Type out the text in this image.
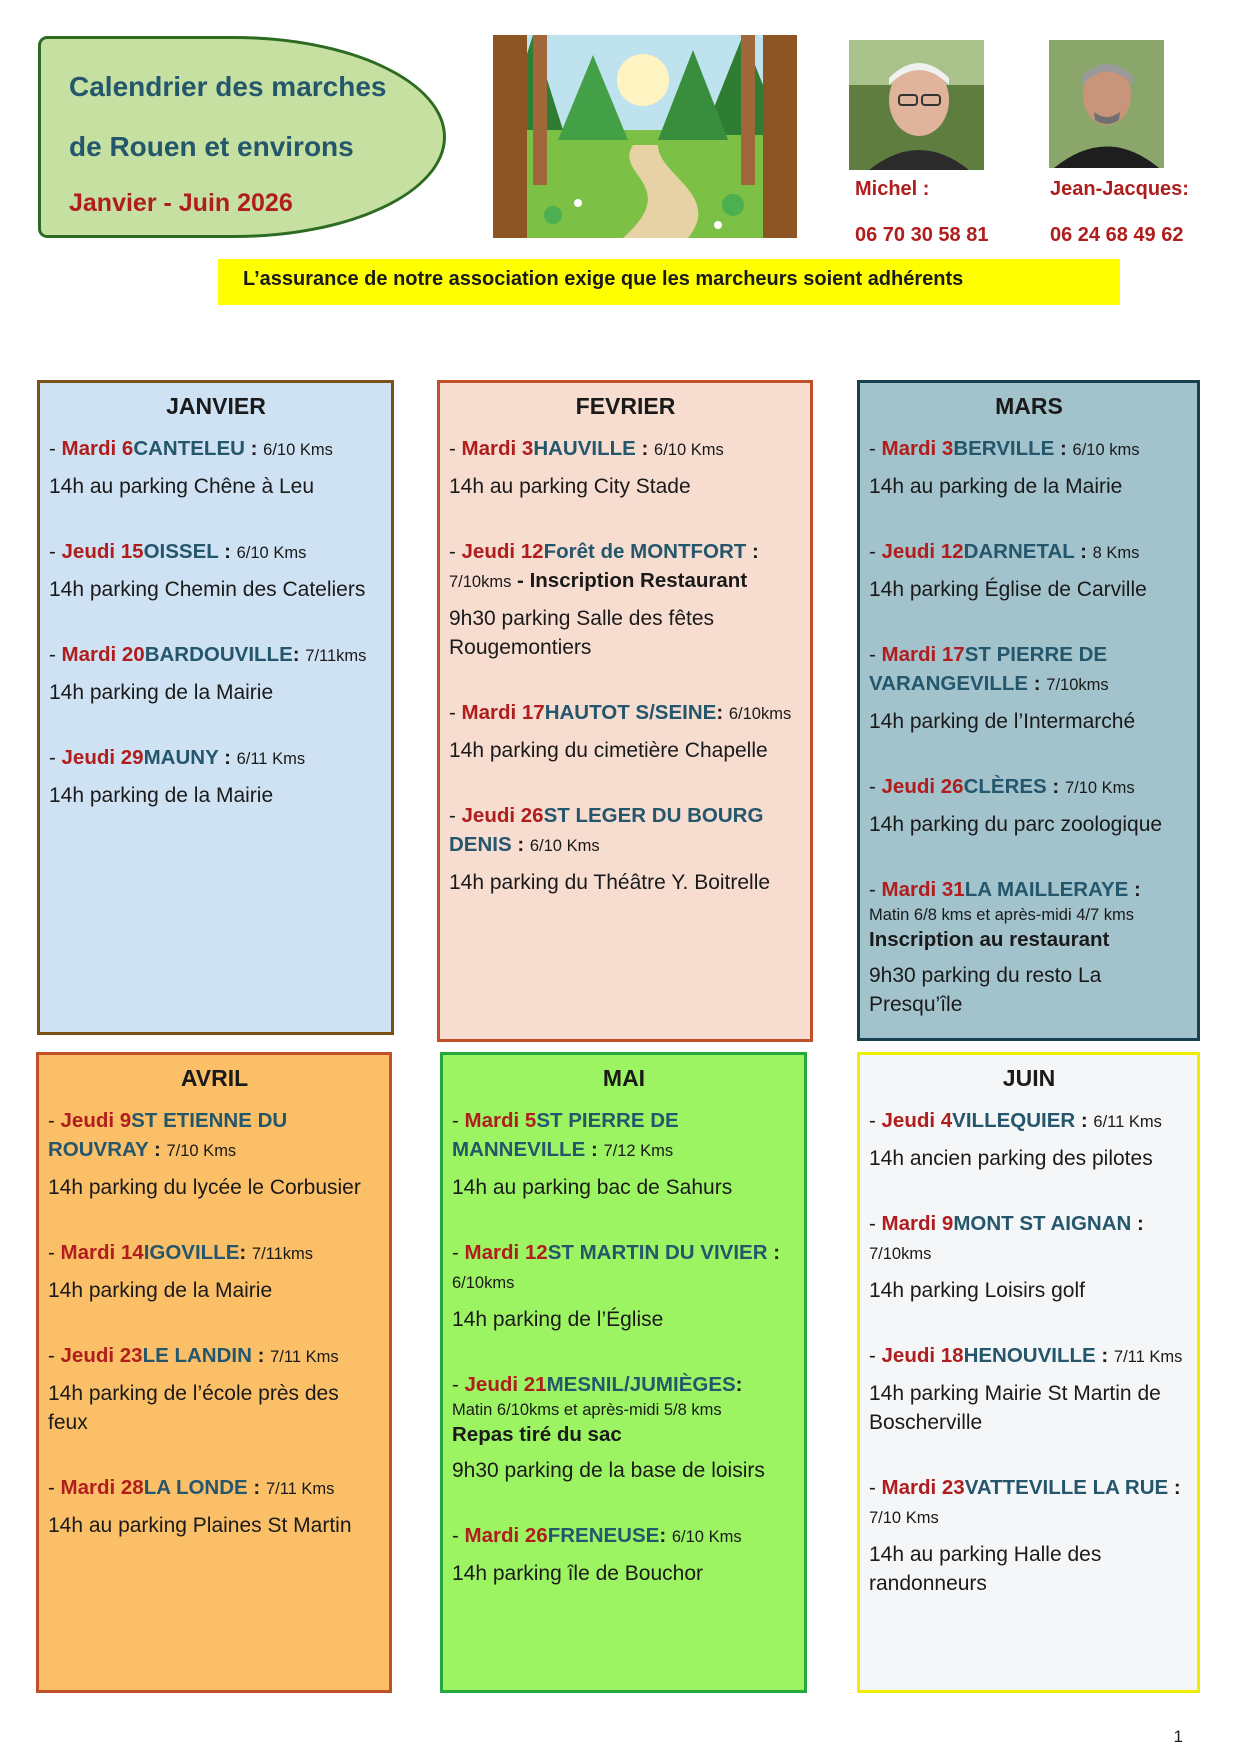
Calendrier des marches
de Rouen et environs
Janvier - Juin 2026	Michel :
06 70 30 58 81
Jean-Jacques:
06 24 68 49 62
L’assurance de notre association exige que les marcheurs soient adhérents
JANVIER
- Mardi 6CANTELEU : 6/10 Kms
14h au parking Chêne à Leu
- Jeudi 15OISSEL : 6/10 Kms
14h parking Chemin des Cateliers
- Mardi 20BARDOUVILLE: 7/11kms
14h parking de la Mairie
- Jeudi 29MAUNY : 6/11 Kms
14h parking de la Mairie
FEVRIER
- Mardi 3HAUVILLE : 6/10 Kms
14h au parking City Stade
- Jeudi 12Forêt de MONTFORT : 7/10kms - Inscription Restaurant
9h30 parking Salle des fêtes Rougemontiers
- Mardi 17HAUTOT S/SEINE: 6/10kms
14h parking du cimetière Chapelle
- Jeudi 26ST LEGER DU BOURG DENIS : 6/10 Kms
14h parking du Théâtre Y. Boitrelle
MARS
- Mardi 3BERVILLE : 6/10 kms
14h au parking de la Mairie
- Jeudi 12DARNETAL : 8 Kms
14h parking Église de Carville
- Mardi 17ST PIERRE DE VARANGEVILLE : 7/10kms
14h parking de l’Intermarché
- Jeudi 26CLÈRES : 7/10 Kms
14h parking du parc zoologique
- Mardi 31LA MAILLERAYE :
Matin 6/8 kms et après-midi 4/7 kms
Inscription au restaurant
9h30 parking du resto La Presqu’île
AVRIL
- Jeudi 9ST ETIENNE DU ROUVRAY : 7/10 Kms
14h parking du lycée le Corbusier
- Mardi 14IGOVILLE: 7/11kms
14h parking de la Mairie
- Jeudi 23LE LANDIN : 7/11 Kms
14h parking de l’école près des feux
- Mardi 28LA LONDE : 7/11 Kms
14h au parking Plaines St Martin
MAI
- Mardi 5ST PIERRE DE MANNEVILLE : 7/12 Kms
14h au parking bac de Sahurs
- Mardi 12ST MARTIN DU VIVIER : 6/10kms
14h parking de l’Église
- Jeudi 21MESNIL/JUMIÈGES:
Matin 6/10kms et après-midi 5/8 kms
Repas tiré du sac
9h30 parking de la base de loisirs
- Mardi 26FRENEUSE: 6/10 Kms
14h parking île de Bouchor
JUIN
- Jeudi 4VILLEQUIER : 6/11 Kms
14h ancien parking des pilotes
- Mardi 9MONT ST AIGNAN : 7/10kms
14h parking Loisirs golf
- Jeudi 18HENOUVILLE : 7/11 Kms
14h parking Mairie St Martin de Boscherville
- Mardi 23VATTEVILLE LA RUE : 7/10 Kms
14h au parking Halle des randonneurs
1
